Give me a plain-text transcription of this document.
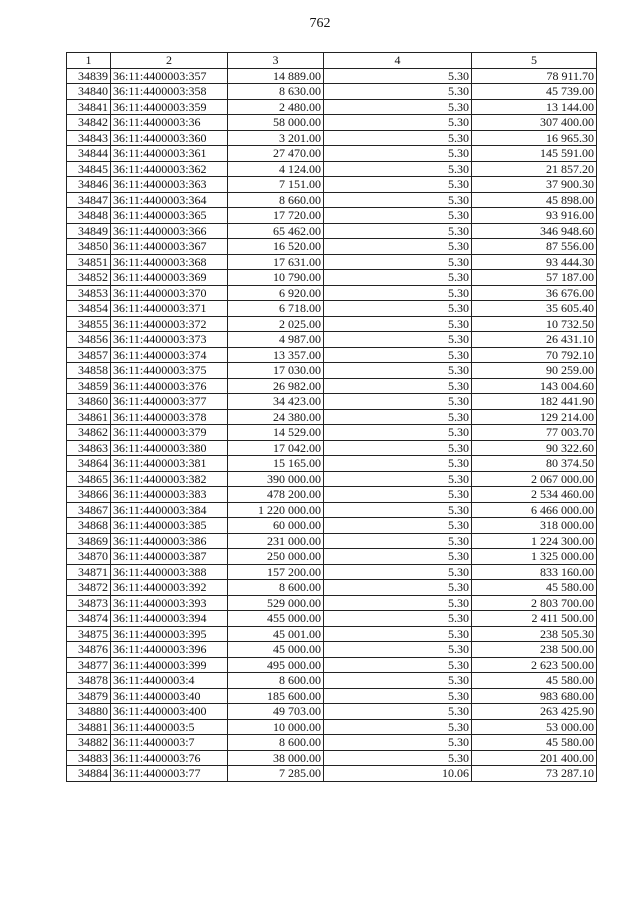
762
1	2	3	4	5
34839	36:11:4400003:357	14 889.00	5.30	78 911.70
34840	36:11:4400003:358	8 630.00	5.30	45 739.00
34841	36:11:4400003:359	2 480.00	5.30	13 144.00
34842	36:11:4400003:36	58 000.00	5.30	307 400.00
34843	36:11:4400003:360	3 201.00	5.30	16 965.30
34844	36:11:4400003:361	27 470.00	5.30	145 591.00
34845	36:11:4400003:362	4 124.00	5.30	21 857.20
34846	36:11:4400003:363	7 151.00	5.30	37 900.30
34847	36:11:4400003:364	8 660.00	5.30	45 898.00
34848	36:11:4400003:365	17 720.00	5.30	93 916.00
34849	36:11:4400003:366	65 462.00	5.30	346 948.60
34850	36:11:4400003:367	16 520.00	5.30	87 556.00
34851	36:11:4400003:368	17 631.00	5.30	93 444.30
34852	36:11:4400003:369	10 790.00	5.30	57 187.00
34853	36:11:4400003:370	6 920.00	5.30	36 676.00
34854	36:11:4400003:371	6 718.00	5.30	35 605.40
34855	36:11:4400003:372	2 025.00	5.30	10 732.50
34856	36:11:4400003:373	4 987.00	5.30	26 431.10
34857	36:11:4400003:374	13 357.00	5.30	70 792.10
34858	36:11:4400003:375	17 030.00	5.30	90 259.00
34859	36:11:4400003:376	26 982.00	5.30	143 004.60
34860	36:11:4400003:377	34 423.00	5.30	182 441.90
34861	36:11:4400003:378	24 380.00	5.30	129 214.00
34862	36:11:4400003:379	14 529.00	5.30	77 003.70
34863	36:11:4400003:380	17 042.00	5.30	90 322.60
34864	36:11:4400003:381	15 165.00	5.30	80 374.50
34865	36:11:4400003:382	390 000.00	5.30	2 067 000.00
34866	36:11:4400003:383	478 200.00	5.30	2 534 460.00
34867	36:11:4400003:384	1 220 000.00	5.30	6 466 000.00
34868	36:11:4400003:385	60 000.00	5.30	318 000.00
34869	36:11:4400003:386	231 000.00	5.30	1 224 300.00
34870	36:11:4400003:387	250 000.00	5.30	1 325 000.00
34871	36:11:4400003:388	157 200.00	5.30	833 160.00
34872	36:11:4400003:392	8 600.00	5.30	45 580.00
34873	36:11:4400003:393	529 000.00	5.30	2 803 700.00
34874	36:11:4400003:394	455 000.00	5.30	2 411 500.00
34875	36:11:4400003:395	45 001.00	5.30	238 505.30
34876	36:11:4400003:396	45 000.00	5.30	238 500.00
34877	36:11:4400003:399	495 000.00	5.30	2 623 500.00
34878	36:11:4400003:4	8 600.00	5.30	45 580.00
34879	36:11:4400003:40	185 600.00	5.30	983 680.00
34880	36:11:4400003:400	49 703.00	5.30	263 425.90
34881	36:11:4400003:5	10 000.00	5.30	53 000.00
34882	36:11:4400003:7	8 600.00	5.30	45 580.00
34883	36:11:4400003:76	38 000.00	5.30	201 400.00
34884	36:11:4400003:77	7 285.00	10.06	73 287.10
